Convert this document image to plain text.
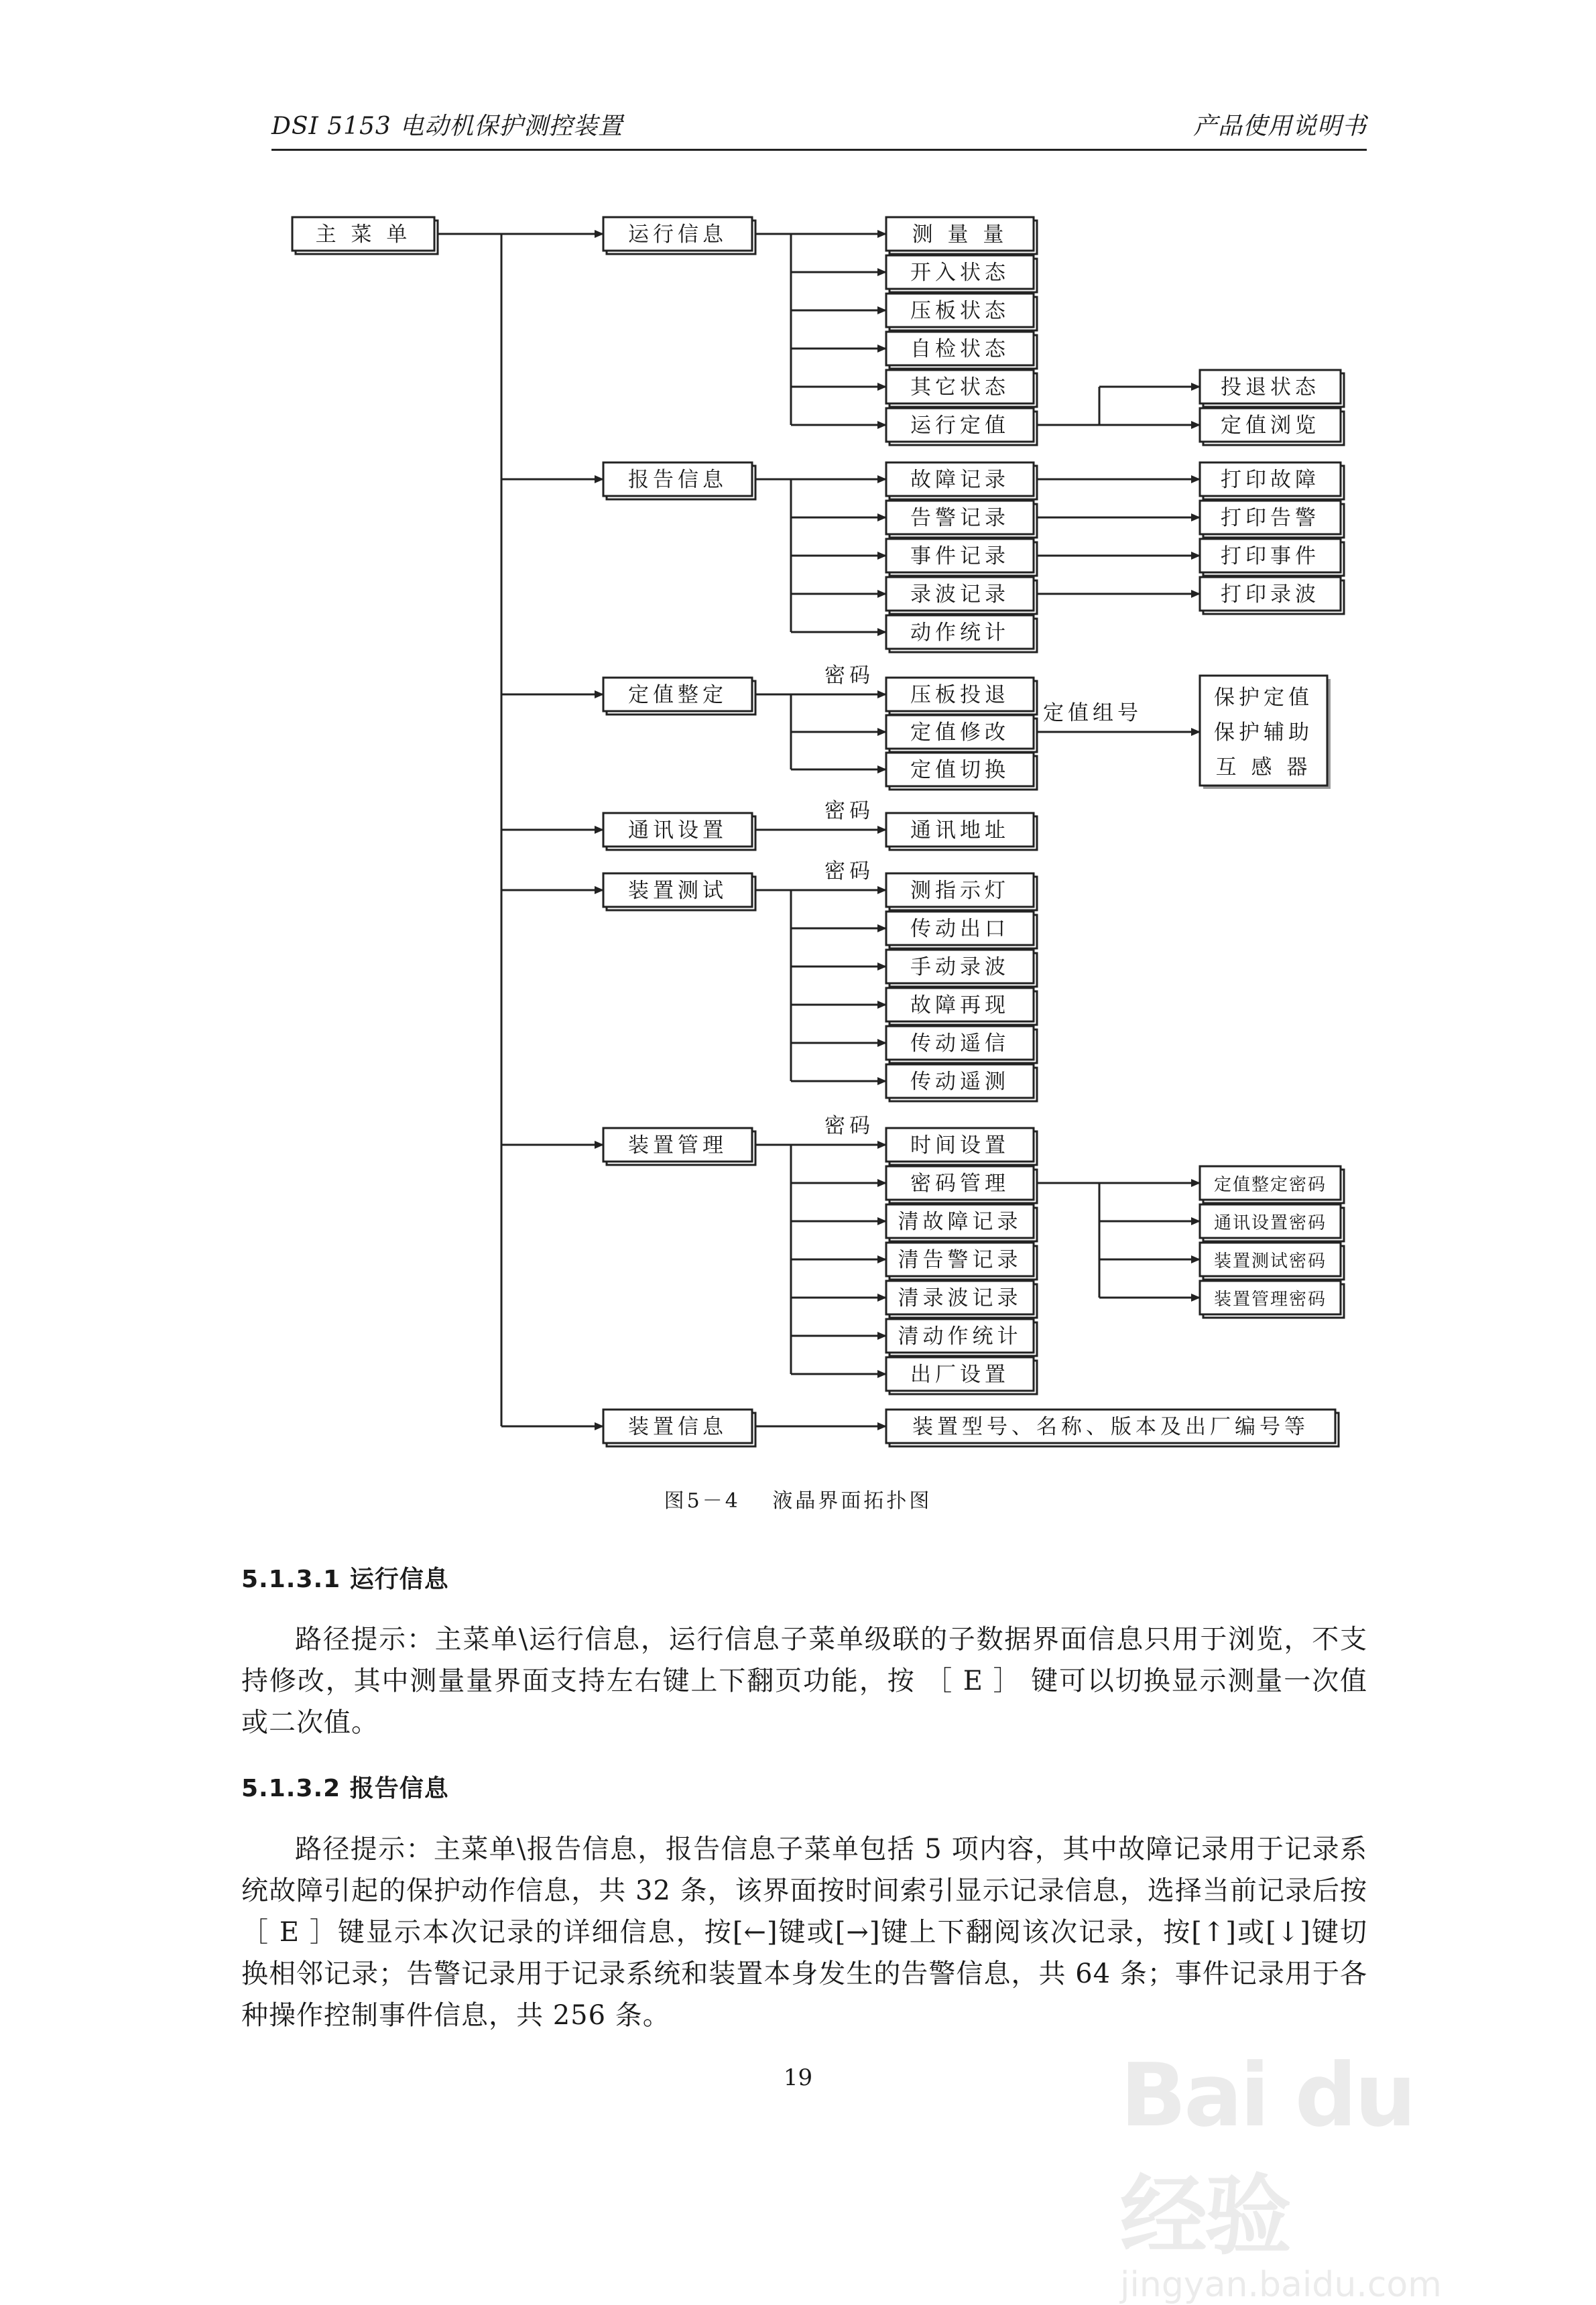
DSI 5153 电动机保护测控装置	产品使用说明书
主 菜 单	运行信息
报告信息
定值整定
通讯设置
装置测试
装置管理
装置信息
测 量 量
开入状态
压板状态
自检状态
其它状态
运行定值
投退状态
定值浏览
故障记录
告警记录
事件记录
录波记录
动作统计
打印故障
打印告警
打印事件
打印录波
压板投退
定值修改
定值切换
密码
定值组号
保护定值
保护辅助
互 感 器
通讯地址
密码
测指示灯
传动出口
手动录波
故障再现
传动遥信
传动遥测
密码
时间设置
密码管理
清故障记录
清告警记录
清录波记录
清动作统计
出厂设置
密码
定值整定密码
通讯设置密码
装置测试密码
装置管理密码
装置型号、名称、版本及出厂编号等
图5－4　 液晶界面拓扑图
5.1.3.1 运行信息
路径提示：主菜单\运行信息，运行信息子菜单级联的子数据界面信息只用于浏览，不支持修改，其中测量量界面支持左右键上下翻页功能，按 ［ E ］ 键可以切换显示测量一次值或二次值。
5.1.3.2 报告信息
路径提示：主菜单\报告信息，报告信息子菜单包括 5 项内容，其中故障记录用于记录系统故障引起的保护动作信息，共 32 条，该界面按时间索引显示记录信息，选择当前记录后按［ E ］键显示本次记录的详细信息，按[←]键或[→]键上下翻阅该次记录，按[↑]或[↓]键切换相邻记录；告警记录用于记录系统和装置本身发生的告警信息，共 64 条；事件记录用于各种操作控制事件信息，共 256 条。
19	Bai du 经验
jingyan.baidu.com
